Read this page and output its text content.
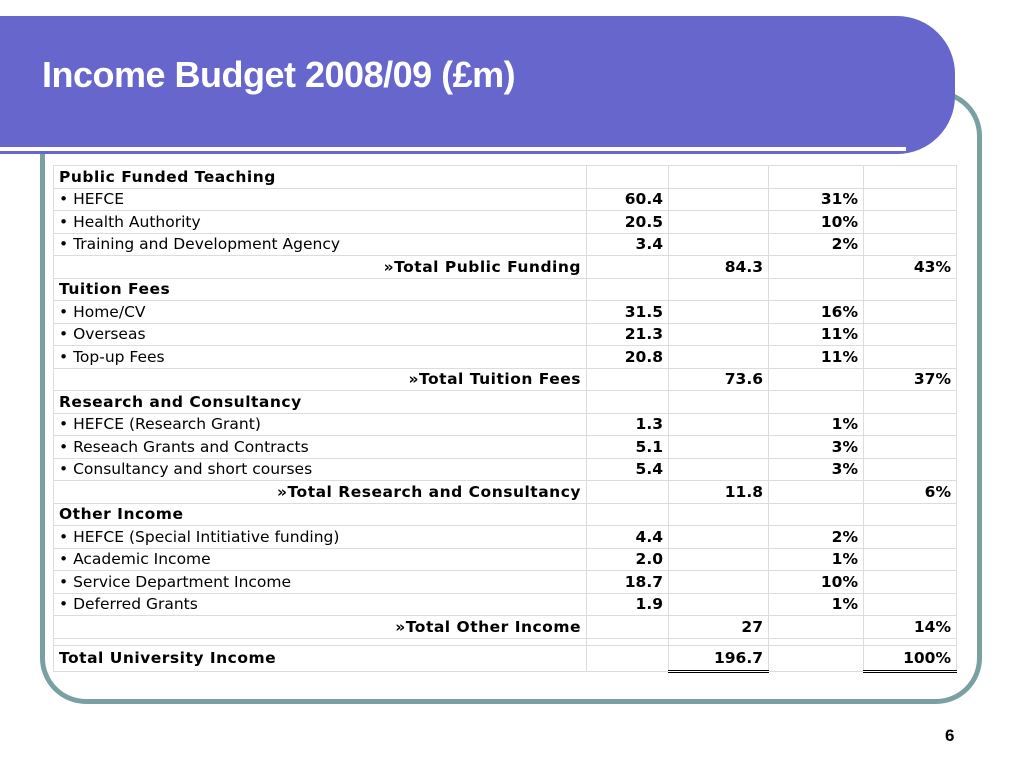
Income Budget 2008/09 (£m)
Public Funded Teaching				
• HEFCE	60.4		31%	
• Health Authority	20.5		10%	
• Training and Development Agency	3.4		2%	
»Total Public Funding		84.3		43%
Tuition Fees				
• Home/CV	31.5		16%	
• Overseas	21.3		11%	
• Top-up Fees	20.8		11%	
»Total Tuition Fees		73.6		37%
Research and Consultancy				
• HEFCE (Research Grant)	1.3		1%	
• Reseach Grants and Contracts	5.1		3%	
• Consultancy and short courses	5.4		3%	
»Total Research and Consultancy		11.8		6%
Other Income				
• HEFCE (Special Intitiative funding)	4.4		2%	
• Academic Income	2.0		1%	
• Service Department Income	18.7		10%	
• Deferred Grants	1.9		1%	
»Total Other Income		27		14%

Total University Income		196.7		100%
6
